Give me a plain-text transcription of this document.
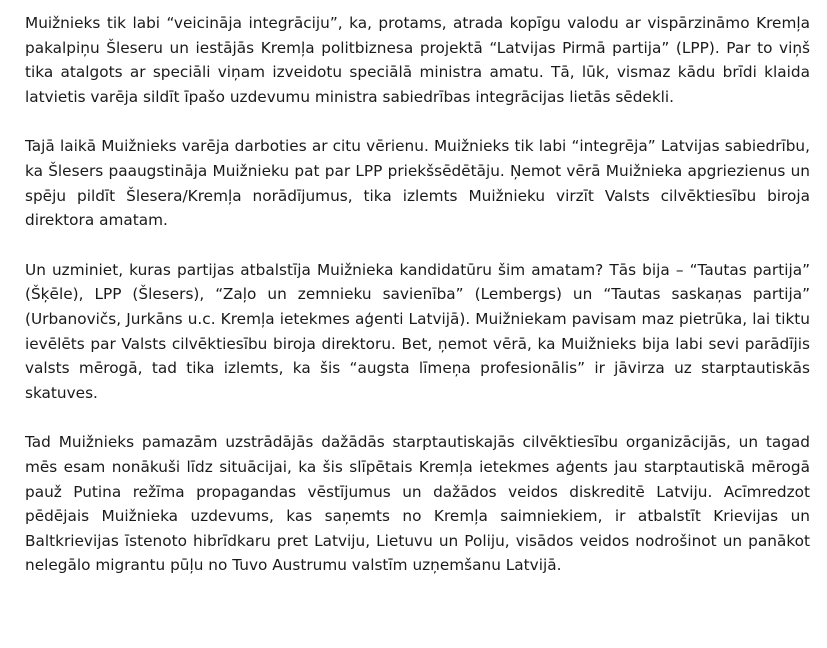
Muižnieks tik labi “veicināja integrāciju”, ka, protams, atrada kopīgu valodu ar vispārzināmo Kremļa pakalpiņu Šleseru un iestājās Kremļa politbiznesa projektā “Latvijas Pirmā partija” (LPP). Par to viņš tika atalgots ar speciāli viņam izveidotu speciālā ministra amatu. Tā, lūk, vismaz kādu brīdi klaida latvietis varēja sildīt īpašo uzdevumu ministra sabiedrības integrācijas lietās sēdekli.

Tajā laikā Muižnieks varēja darboties ar citu vērienu. Muižnieks tik labi “integrēja” Latvijas sabiedrību, ka Šlesers paaugstināja Muižnieku pat par LPP priekšsēdētāju. Ņemot vērā Muižnieka apgriezienus un spēju pildīt Šlesera/Kremļa norādījumus, tika izlemts Muižnieku virzīt Valsts cilvēktiesību biroja direktora amatam.

Un uzminiet, kuras partijas atbalstīja Muižnieka kandidatūru šim amatam? Tās bija – “Tautas partija” (Šķēle), LPP (Šlesers), “Zaļo un zemnieku savienība” (Lembergs) un “Tautas saskaņas partija” (Urbanovičs, Jurkāns u.c. Kremļa ietekmes aģenti Latvijā). Muižniekam pavisam maz pietrūka, lai tiktu ievēlēts par Valsts cilvēktiesību biroja direktoru. Bet, ņemot vērā, ka Muižnieks bija labi sevi parādījis valsts mērogā, tad tika izlemts, ka šis “augsta līmeņa profesionālis” ir jāvirza uz starptautiskās skatuves.

Tad Muižnieks pamazām uzstrādājās dažādās starptautiskajās cilvēktiesību organizācijās, un tagad mēs esam nonākuši līdz situācijai, ka šis slīpētais Kremļa ietekmes aģents jau starptautiskā mērogā pauž Putina režīma propagandas vēstījumus un dažādos veidos diskreditē Latviju. Acīmredzot pēdējais Muižnieka uzdevums, kas saņemts no Kremļa saimniekiem, ir atbalstīt Krievijas un Baltkrievijas īstenoto hibrīdkaru pret Latviju, Lietuvu un Poliju, visādos veidos nodrošinot un panākot nelegālo migrantu pūļu no Tuvo Austrumu valstīm uzņemšanu Latvijā.
